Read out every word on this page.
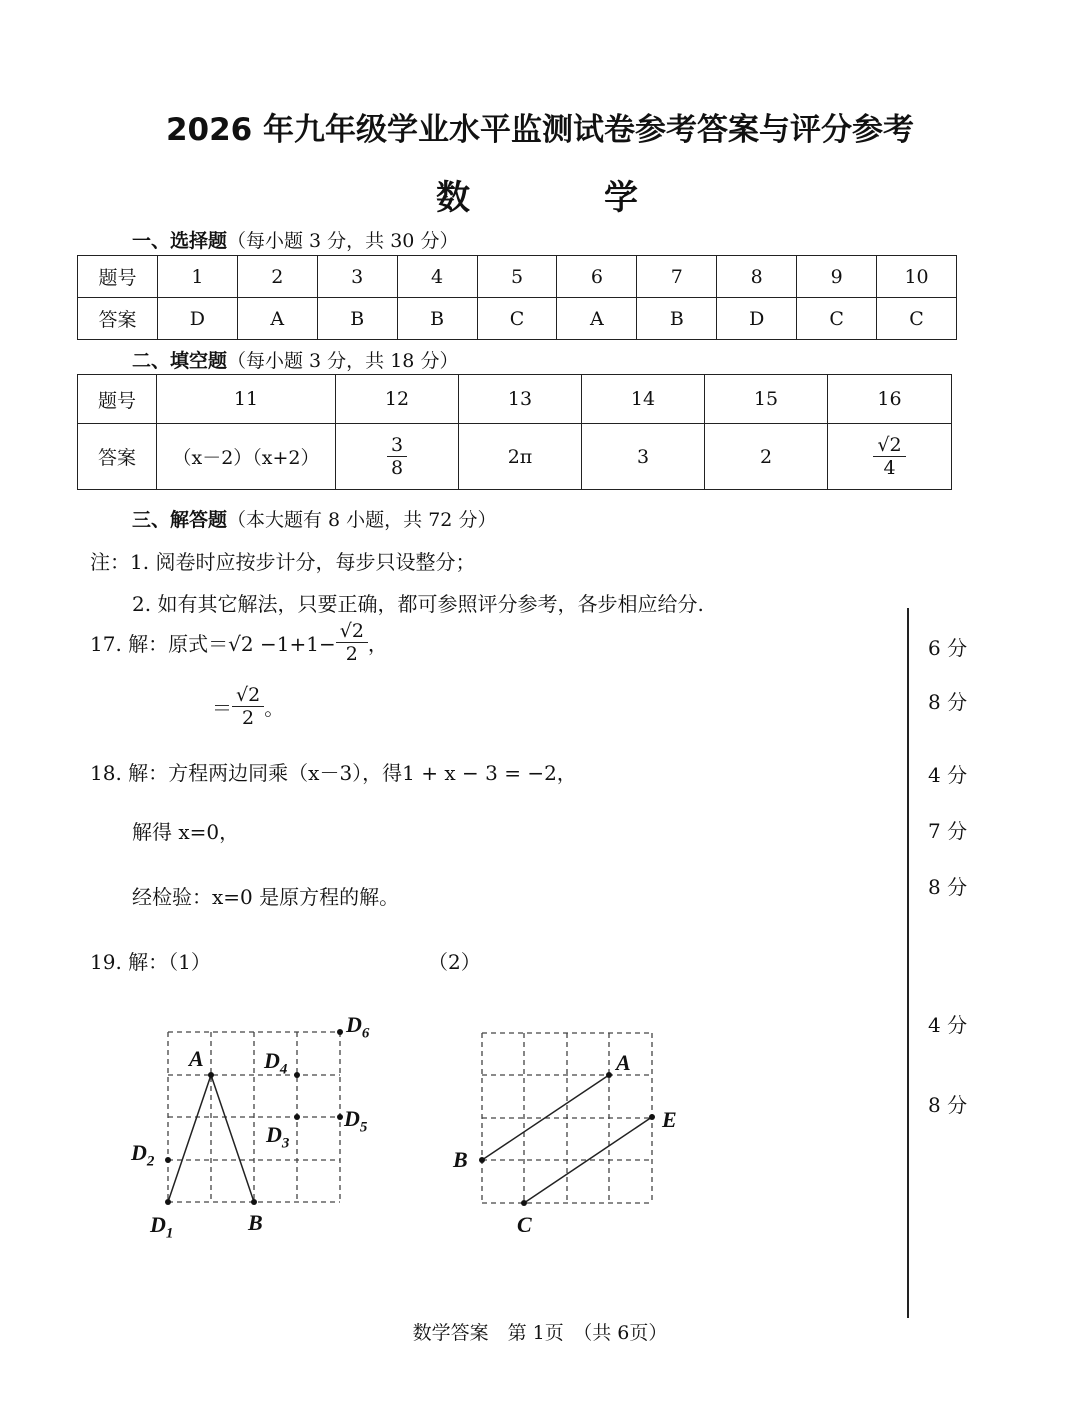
2026 年九年级学业水平监测试卷参考答案与评分参考
数	学
一、选择题（每小题 3 分，共 30 分）
题号	1	2	3	4	5	6	7	8	9	10
答案	D	A	B	B	C	A	B	D	C	C
二、填空题（每小题 3 分，共 18 分）
题号	11	12	13	14	15	16
答案	（x－2）（x+2）	$\frac{3}{8}$	2π	3	2	$\frac{√2}{4}$
三、解答题（本大题有 8 小题，共 72 分）
注：1. 阅卷时应按步计分，每步只设整分；
2. 如有其它解法，只要正确，都可参照评分参考，各步相应给分.
17. 解：原式$=√2 -1+1- \frac{√2}{2}$ ，
＝ $\frac{√2}{2}$ 。
18. 解：方程两边同乘（x－3），得1 + x − 3 = −2，
解得 x=0，
经检验：x=0 是原方程的解。
19. 解：（1）	（2）
6 分
8 分
4 分
7 分
8 分
4 分
8 分
A
B
$D_1$
$D_2$
$D_3$
$D_4$
$D_5$
$D_6$
A
B
C
E
数学答案　第 1页　（共 6页）
